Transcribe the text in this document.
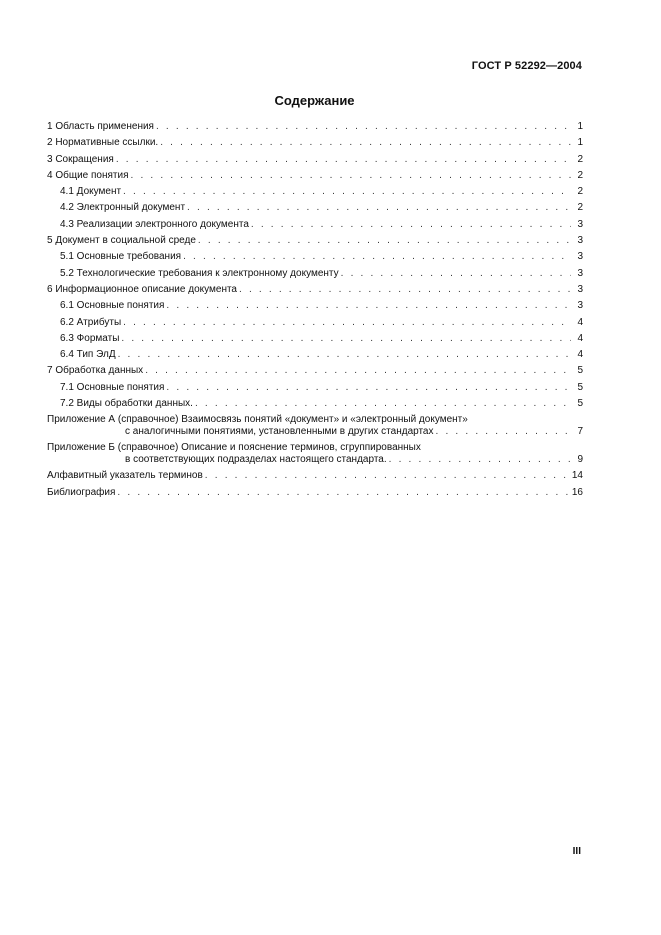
ГОСТ Р 52292—2004
Содержание
1 Область применения . . .	1
2 Нормативные ссылки. . . .	1
3 Сокращения . . .	2
4 Общие понятия . . .	2
4.1 Документ . . .	2
4.2 Электронный документ . . .	2
4.3 Реализации электронного документа . . .	3
5 Документ в социальной среде . . .	3
5.1 Основные требования . . .	3
5.2 Технологические требования к электронному документу . . .	3
6 Информационное описание документа . . .	3
6.1 Основные понятия . . .	3
6.2 Атрибуты . . .	4
6.3 Форматы . . .	4
6.4 Тип ЭлД . . .	4
7 Обработка данных . . .	5
7.1 Основные понятия . . .	5
7.2 Виды обработки данных. . . .	5
Приложение А (справочное) Взаимосвязь понятий «документ» и «электронный документ»
с аналогичными понятиями, установленными в других стандартах . . .	7
Приложение Б (справочное) Описание и пояснение терминов, сгруппированных
в соответствующих подразделах настоящего стандарта. . . .	9
Алфавитный указатель терминов . . .	14
Библиография . . .	16
III
